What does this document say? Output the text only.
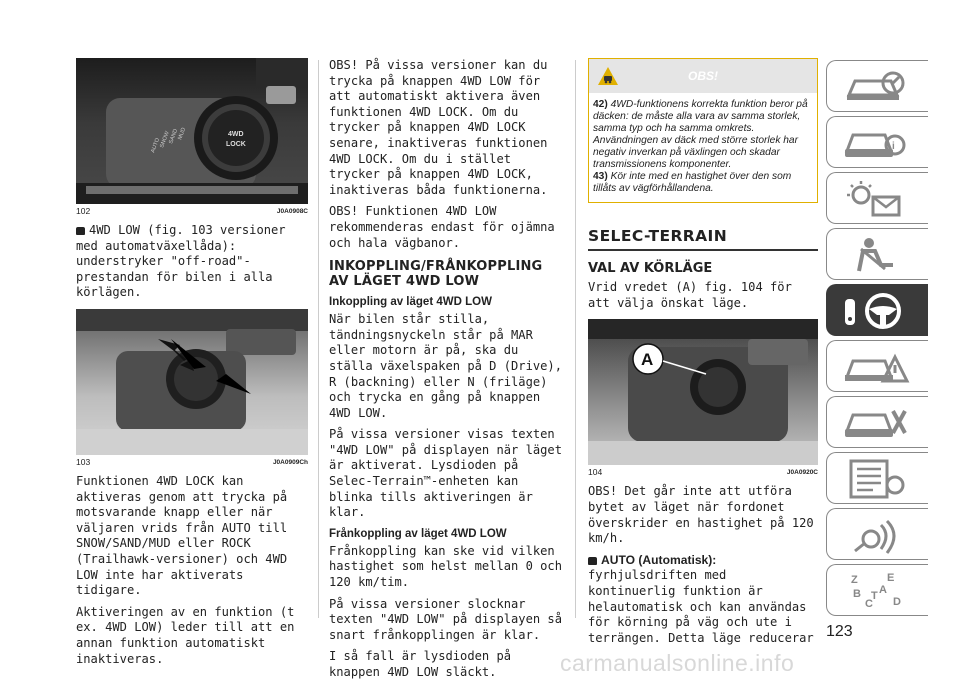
4WD
LOCK
AUTO
SNOW
SAND
MUD
102	J0A0908C

4WD LOW (fig. 103 versioner med automatväxellåda): understryker "off-road"-prestandan för bilen i alla körlägen.

103	J0A0909Ch

Funktionen 4WD LOCK kan aktiveras genom att trycka på motsvarande knapp eller när väljaren vrids från AUTO till SNOW/SAND/MUD eller ROCK (Trailhawk-versioner) och 4WD LOW inte har aktiverats tidigare.

Aktiveringen av en funktion (t ex. 4WD LOW) leder till att en annan funktion automatiskt inaktiveras.

OBS! På vissa versioner kan du trycka på knappen 4WD LOW för att automatiskt aktivera även funktionen 4WD LOCK. Om du trycker på knappen 4WD LOCK senare, inaktiveras funktionen 4WD LOCK. Om du i stället trycker på knappen 4WD LOCK, inaktiveras båda funktionerna.

OBS! Funktionen 4WD LOW rekommenderas endast för ojämna och hala vägbanor.

INKOPPLING/FRÅNKOPPLING AV LÄGET 4WD LOW
Inkoppling av läget 4WD LOW

När bilen står stilla, tändningsnyckeln står på MAR eller motorn är på, ska du ställa växelspaken på D (Drive), R (backning) eller N (friläge) och trycka en gång på knappen 4WD LOW.

På vissa versioner visas texten "4WD LOW" på displayen när läget är aktiverat. Lysdioden på Selec-Terrain™-enheten kan blinka tills aktiveringen är klar.

Frånkoppling av läget 4WD LOW

Frånkoppling kan ske vid vilken hastighet som helst mellan 0 och 120 km/tim.

På vissa versioner slocknar texten "4WD LOW" på displayen så snart frånkopplingen är klar.

I så fall är lysdioden på knappen 4WD LOW släckt.

OBS!
42) 4WD-funktionens korrekta funktion beror på däcken: de måste alla vara av samma storlek, samma typ och ha samma omkrets. Användningen av däck med större storlek har negativ inverkan på växlingen och skadar transmissionens komponenter.
43) Kör inte med en hastighet över den som tillåts av vägförhållandena.
SELEC-TERRAIN
VAL AV KÖRLÄGE

Vrid vredet (A) fig. 104 för att välja önskat läge.

A
104	J0A0920C

OBS! Det går inte att utföra bytet av läget när fordonet överskrider en hastighet på 120 km/h.

AUTO (Automatisk): fyrhjulsdriften med kontinuerlig funktion är helautomatisk och kan användas för körning på väg och ute i terrängen. Detta läge reducerar

i
Z	E
B A
C
T D
123
carmanualsonline.info
